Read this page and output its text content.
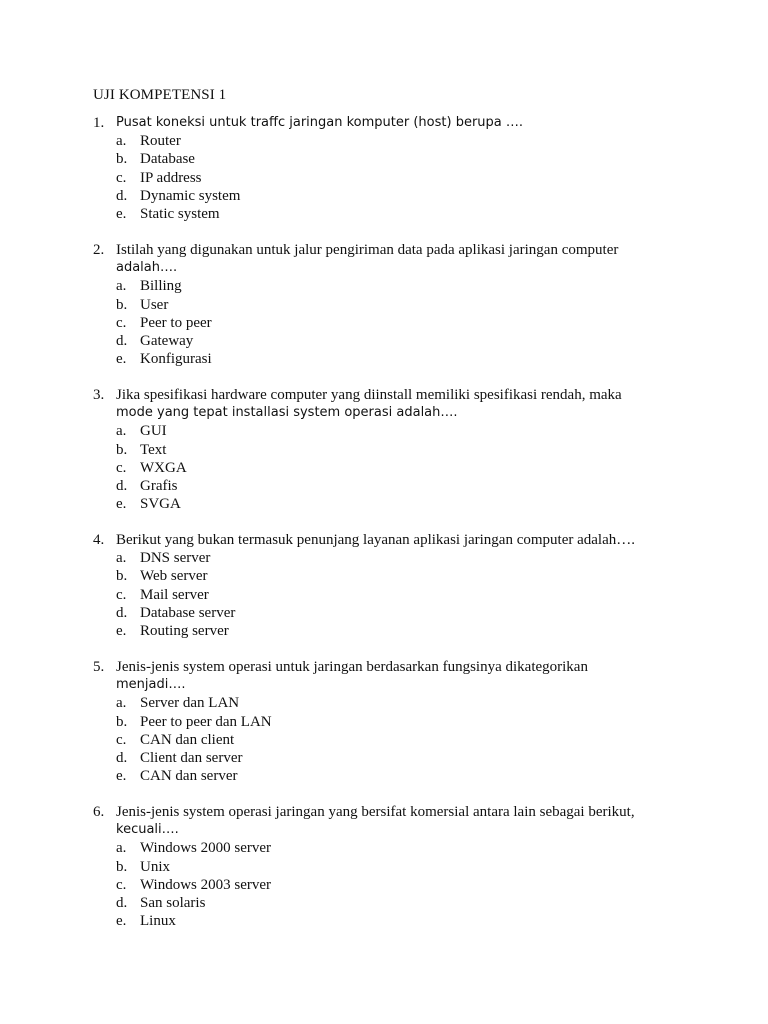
UJI KOMPETENSI 1
1. Pusat koneksi untuk traffc jaringan komputer (host) berupa ….
a. Router
b. Database
c. IP address
d. Dynamic system
e. Static system
2. Istilah yang digunakan untuk jalur pengiriman data pada aplikasi jaringan computer
adalah….
a. Billing
b. User
c. Peer to peer
d. Gateway
e. Konfigurasi
3. Jika spesifikasi hardware computer yang diinstall memiliki spesifikasi rendah, maka
mode yang tepat installasi system operasi adalah….
a. GUI
b. Text
c. WXGA
d. Grafis
e. SVGA
4. Berikut yang bukan termasuk penunjang layanan aplikasi jaringan computer adalah….
a. DNS server
b. Web server
c. Mail server
d. Database server
e. Routing server
5. Jenis-jenis system operasi untuk jaringan berdasarkan fungsinya dikategorikan
menjadi….
a. Server dan LAN
b. Peer to peer dan LAN
c. CAN dan client
d. Client dan server
e. CAN dan server
6. Jenis-jenis system operasi jaringan yang bersifat komersial antara lain sebagai berikut,
kecuali….
a. Windows 2000 server
b. Unix
c. Windows 2003 server
d. San solaris
e. Linux
